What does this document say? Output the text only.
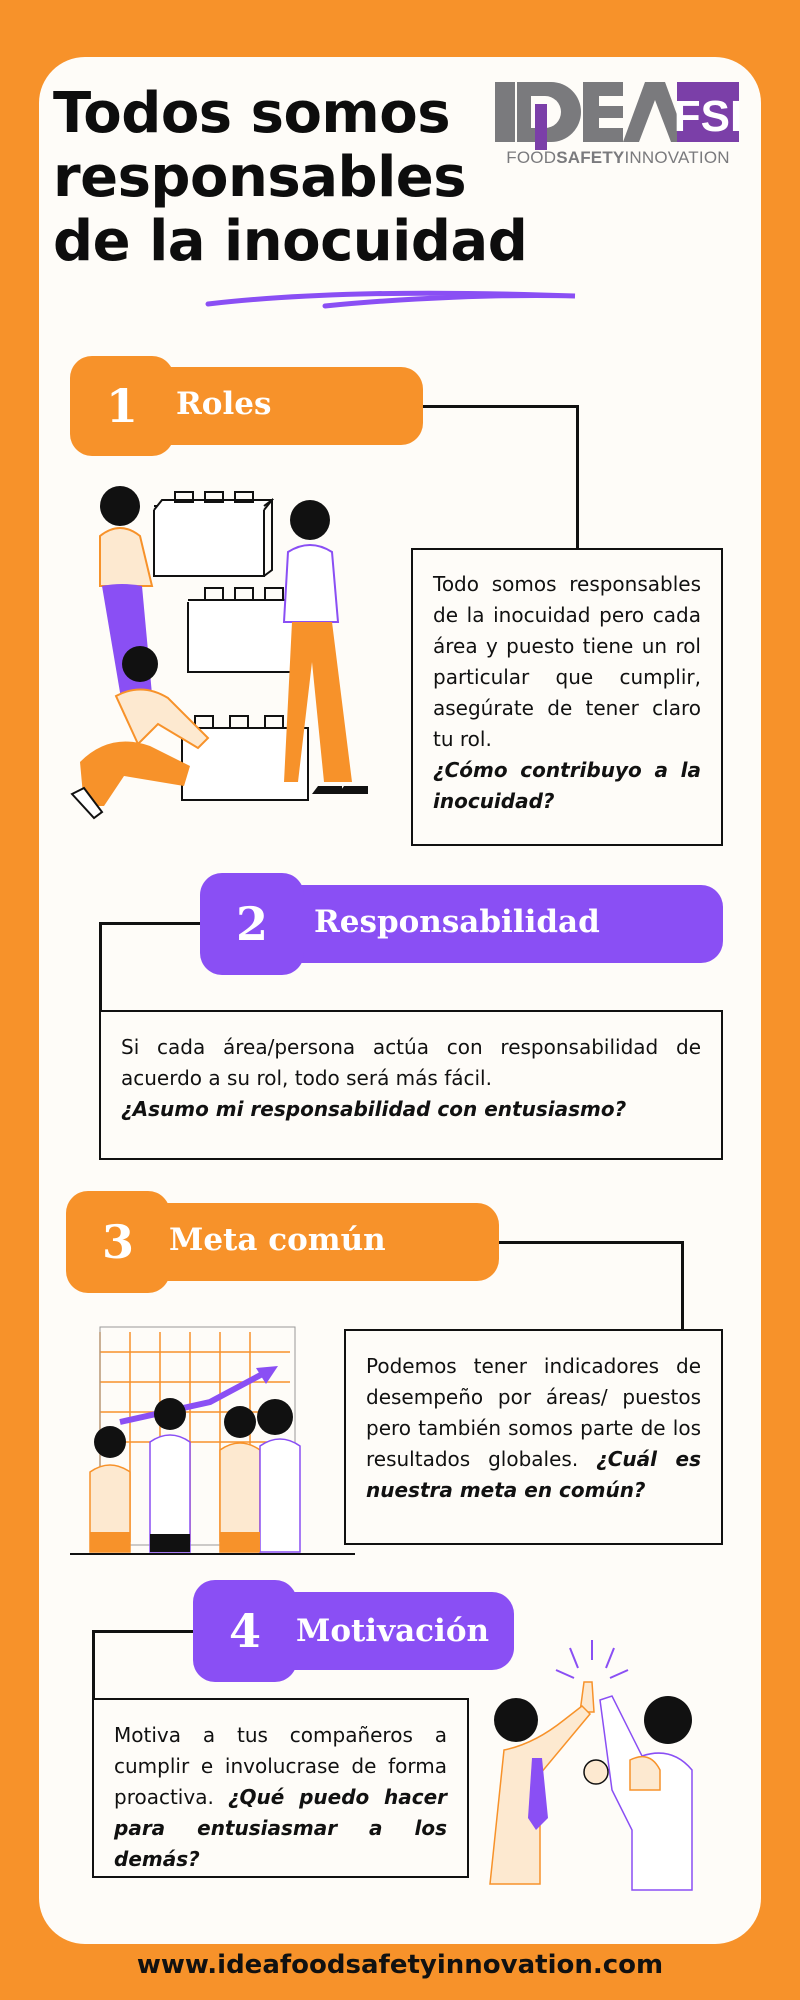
Todos somos
responsables
de la inocuidad
FSI
FOODSAFETYINNOVATION
1	Roles

Todo somos responsables de la inocuidad pero cada área y puesto tiene un rol particular que cumplir, asegúrate de tener claro tu rol.

¿Cómo contribuyo a la inocuidad?

2	Responsabilidad

Si cada área/persona actúa con responsabilidad de acuerdo a su rol, todo será más fácil.

¿Asumo mi responsabilidad con entusiasmo?

3	Meta común

Podemos tener indicadores de desempeño por áreas/ puestos pero también somos parte de los resultados globales. ¿Cuál es nuestra meta en común?

4	Motivación

Motiva a tus compañeros a cumplir e involucrase de forma proactiva. ¿Qué puedo hacer para entusiasmar a los demás?

www.ideafoodsafetyinnovation.com
